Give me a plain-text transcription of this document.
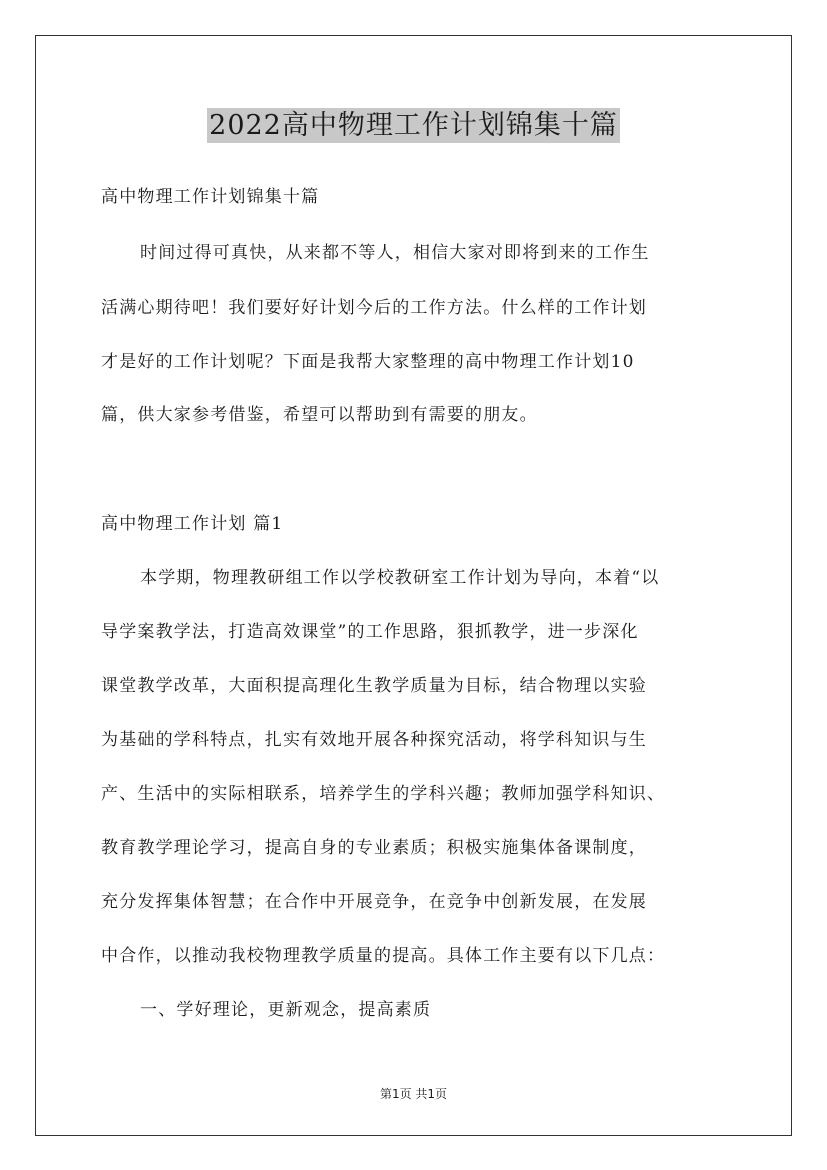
2022高中物理工作计划锦集十篇
高中物理工作计划锦集十篇
时间过得可真快，从来都不等人，相信大家对即将到来的工作生
活满心期待吧！我们要好好计划今后的工作方法。什么样的工作计划
才是好的工作计划呢？下面是我帮大家整理的高中物理工作计划10
篇，供大家参考借鉴，希望可以帮助到有需要的朋友。
高中物理工作计划 篇1
本学期，物理教研组工作以学校教研室工作计划为导向，本着“以
导学案教学法，打造高效课堂”的工作思路，狠抓教学，进一步深化
课堂教学改革，大面积提高理化生教学质量为目标，结合物理以实验
为基础的学科特点，扎实有效地开展各种探究活动，将学科知识与生
产、生活中的实际相联系，培养学生的学科兴趣；教师加强学科知识、
教育教学理论学习，提高自身的专业素质；积极实施集体备课制度，
充分发挥集体智慧；在合作中开展竞争，在竞争中创新发展，在发展
中合作，以推动我校物理教学质量的提高。具体工作主要有以下几点：
一、学好理论，更新观念，提高素质
第1页 共1页
